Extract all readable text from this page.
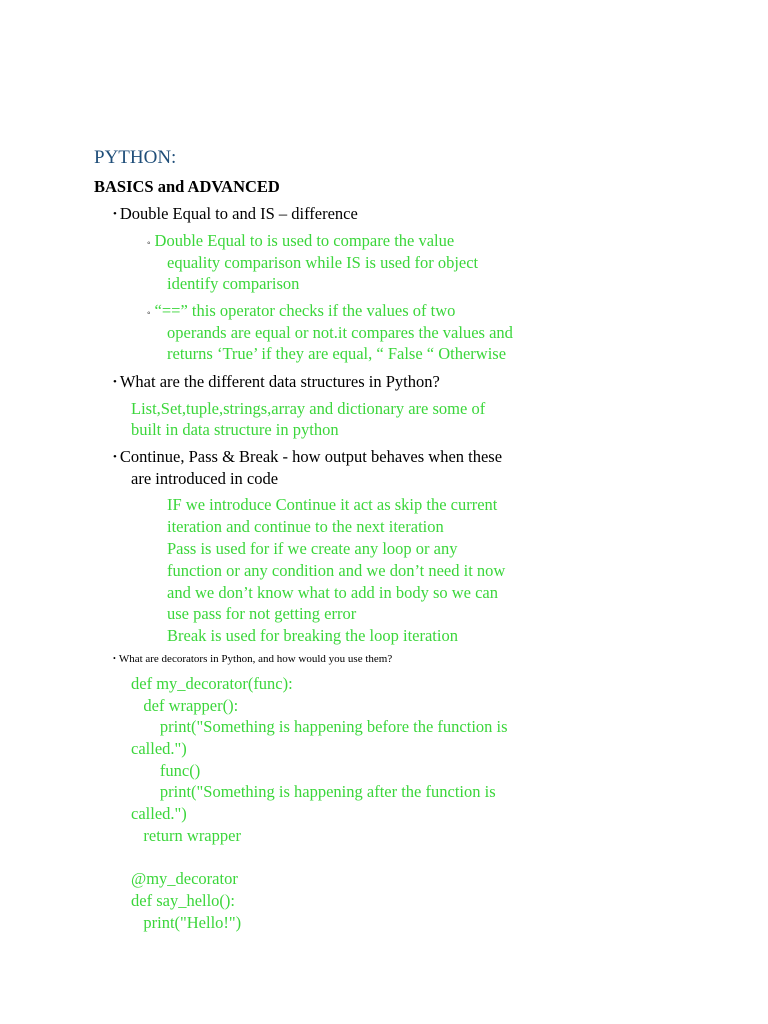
PYTHON:
BASICS and ADVANCED
• Double Equal to and IS – difference
◦ Double Equal to is used to compare the value
equality comparison while IS is used for object
identify comparison
◦ “==” this operator checks if the values of two
operands are equal or not.it compares the values and
returns ‘True’ if they are equal, “ False “ Otherwise
• What are the different data structures in Python?
List,Set,tuple,strings,array and dictionary are some of
built in data structure in python
• Continue, Pass & Break - how output behaves when these
are introduced in code
IF we introduce Continue it act as skip the current
iteration and continue to the next iteration
Pass is used for if we create any loop or any
function or any condition and we don’t need it now
and we don’t know what to add in body so we can
use pass for not getting error
Break is used for breaking the loop iteration
• What are decorators in Python, and how would you use them?
def my_decorator(func):
def wrapper():
print("Something is happening before the function is
called.")
func()
print("Something is happening after the function is
called.")
return wrapper
@my_decorator
def say_hello():
print("Hello!")
